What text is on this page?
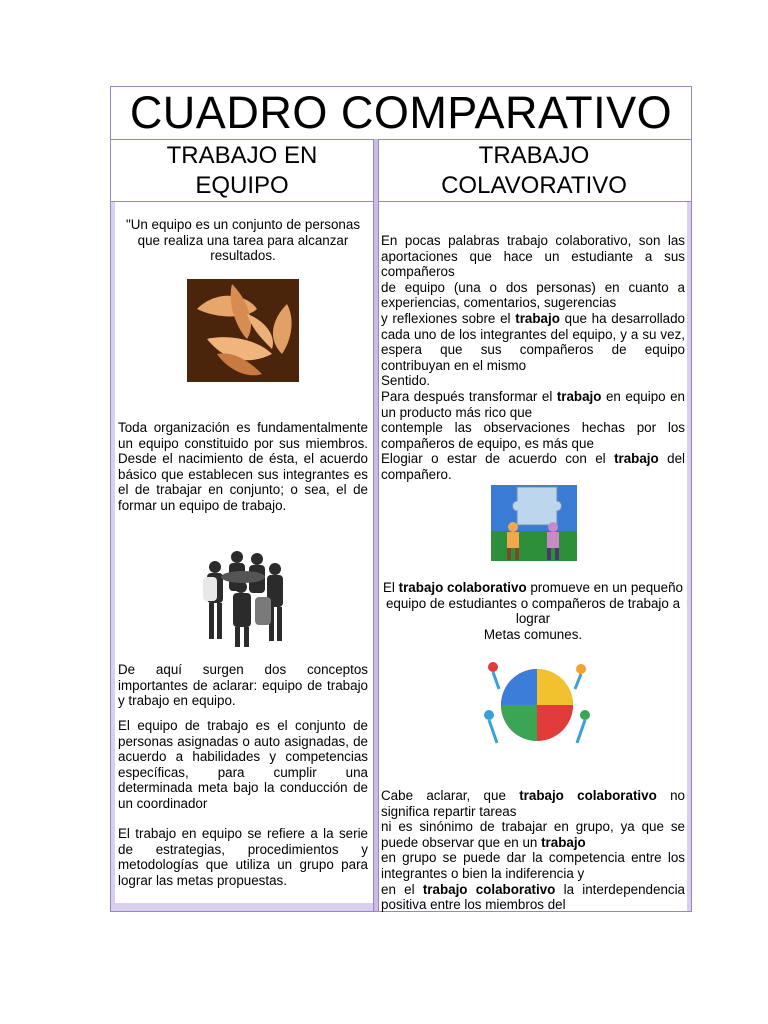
CUADRO COMPARATIVO
TRABAJO EN
EQUIPO
TRABAJO
COLAVORATIVO
"Un equipo es un conjunto de personas que realiza una tarea para alcanzar resultados.
Toda organización es fundamentalmente un equipo constituido por sus miembros. Desde el nacimiento de ésta, el acuerdo básico que establecen sus integrantes es el de trabajar en conjunto; o sea, el de formar un equipo de trabajo.
De aquí surgen dos conceptos importantes de aclarar: equipo de trabajo y trabajo en equipo.
El equipo de trabajo es el conjunto de personas asignadas o auto asignadas, de acuerdo a habilidades y competencias específicas, para cumplir una determinada meta bajo la conducción de un coordinador
El trabajo en equipo se refiere a la serie de estrategias, procedimientos y metodologías que utiliza un grupo para lograr las metas propuestas.
En pocas palabras trabajo colaborativo, son las aportaciones que hace un estudiante a sus compañeros
de equipo (una o dos personas) en cuanto a experiencias, comentarios, sugerencias
y reflexiones sobre el trabajo que ha desarrollado cada uno de los integrantes del equipo, y a su vez, espera que sus compañeros de equipo contribuyan en el mismo
Sentido.
Para después transformar el trabajo en equipo en un producto más rico que
contemple las observaciones hechas por los compañeros de equipo, es más que
Elogiar o estar de acuerdo con el trabajo del compañero.
El trabajo colaborativo promueve en un pequeño equipo de estudiantes o compañeros de trabajo a lograr
Metas comunes.
Cabe aclarar, que trabajo colaborativo no significa repartir tareas
ni es sinónimo de trabajar en grupo, ya que se puede observar que en un trabajo
en grupo se puede dar la competencia entre los integrantes o bien la indiferencia y
en el trabajo colaborativo la interdependencia positiva entre los miembros del
